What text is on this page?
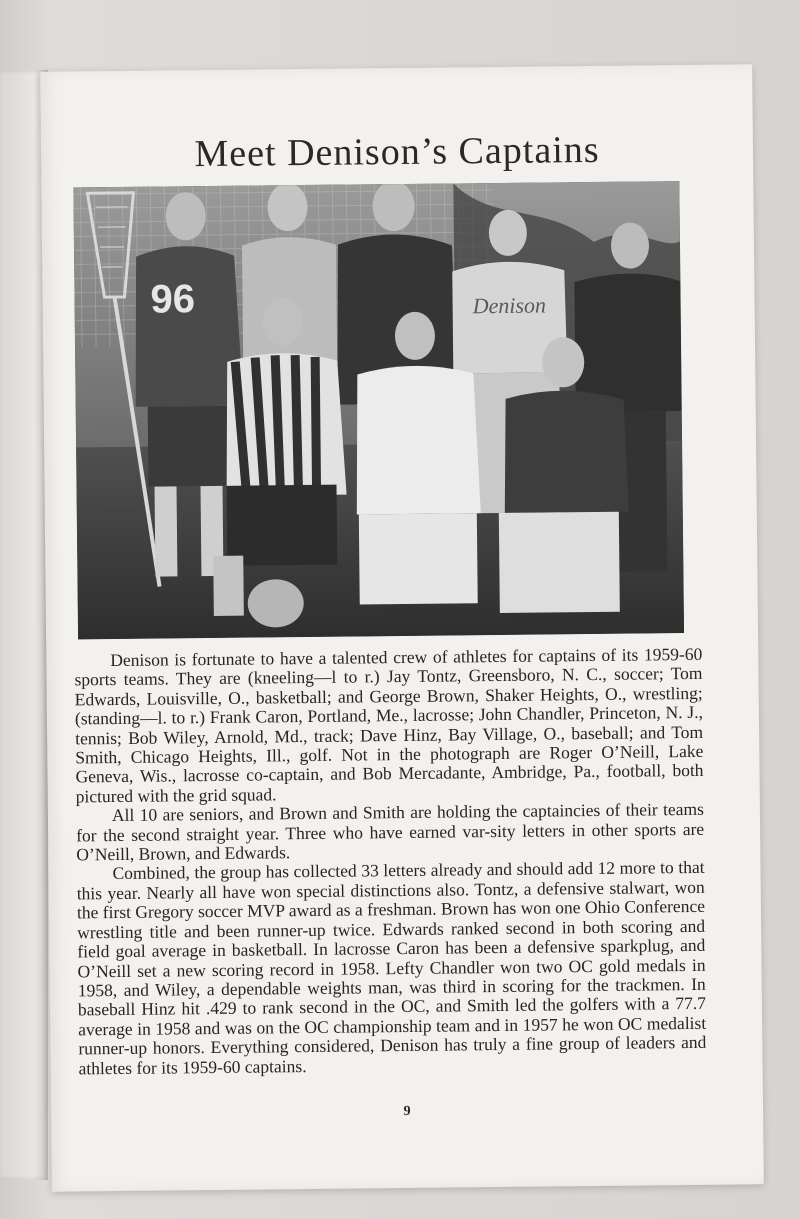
Meet Denison’s Captains
96	Denison

Denison is fortunate to have a talented crew of athletes for captains of its 1959-60 sports teams. They are (kneeling—l to r.) Jay Tontz, Greensboro, N. C., soccer; Tom Edwards, Louisville, O., basketball; and George Brown, Shaker Heights, O., wrestling; (standing—l. to r.) Frank Caron, Portland, Me., lacrosse; John Chandler, Princeton, N. J., tennis; Bob Wiley, Arnold, Md., track; Dave Hinz, Bay Village, O., baseball; and Tom Smith, Chicago Heights, Ill., golf. Not in the photograph are Roger O’Neill, Lake Geneva, Wis., lacrosse co-captain, and Bob Mercadante, Ambridge, Pa., football, both pictured with the grid squad.

All 10 are seniors, and Brown and Smith are holding the captaincies of their teams for the second straight year. Three who have earned var-sity letters in other sports are O’Neill, Brown, and Edwards.

Combined, the group has collected 33 letters already and should add 12 more to that this year. Nearly all have won special distinctions also. Tontz, a defensive stalwart, won the first Gregory soccer MVP award as a freshman. Brown has won one Ohio Conference wrestling title and been runner-up twice. Edwards ranked second in both scoring and field goal average in basketball. In lacrosse Caron has been a defensive sparkplug, and O’Neill set a new scoring record in 1958. Lefty Chandler won two OC gold medals in 1958, and Wiley, a dependable weights man, was third in scoring for the trackmen. In baseball Hinz hit .429 to rank second in the OC, and Smith led the golfers with a 77.7 average in 1958 and was on the OC championship team and in 1957 he won OC medalist runner-up honors. Everything considered, Denison has truly a fine group of leaders and athletes for its 1959-60 captains.

9
